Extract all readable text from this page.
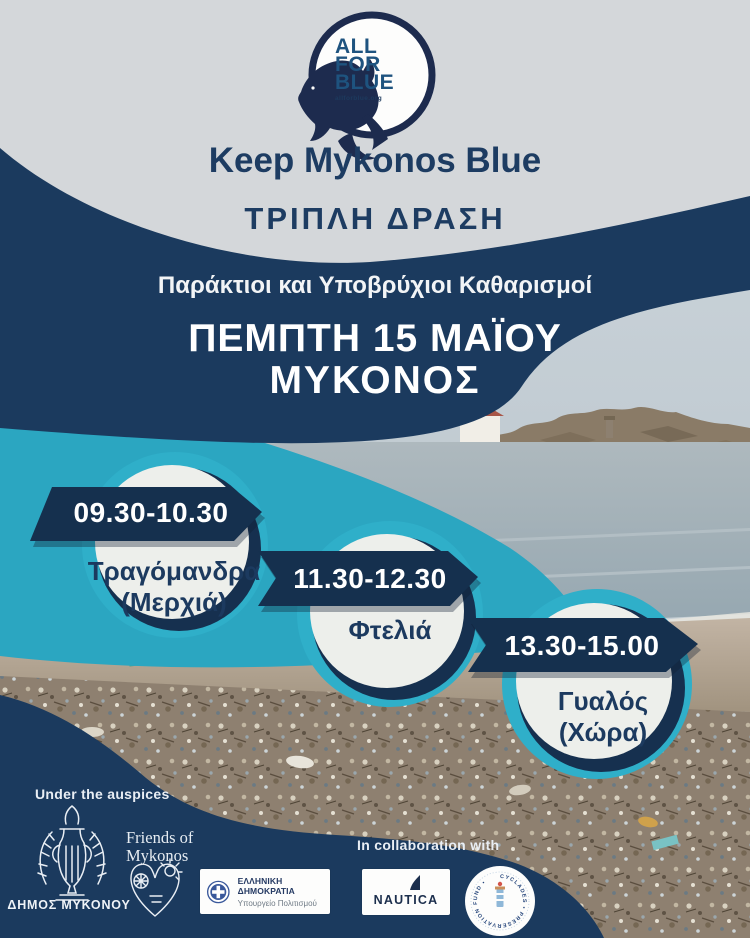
CYCLADES • PRESERVATION FUND •
ALL
FOR
BLUE
allforblue.org
Keep Mykonos Blue
ΤΡΙΠΛΗ ΔΡΑΣΗ
Παράκτιοι και Υποβρύχιοι Καθαρισμοί
ΠΕΜΠΤΗ 15 ΜΑΪΟΥ
ΜΥΚΟΝΟΣ
09.30-10.30
Τραγόμανδρα
(Μερχιά)
11.30-12.30
Φτελιά	13.30-15.00
Γυαλός
(Χώρα)
Under the auspices
ΔΗΜΟΣ ΜΥΚΟΝΟΥ
Friends of
Mykonos
ΕΛΛΗΝΙΚΗ ΔΗΜΟΚΡΑΤΙΑ
Υπουργείο Πολιτισμού
In collaboration with
NAUTICA
